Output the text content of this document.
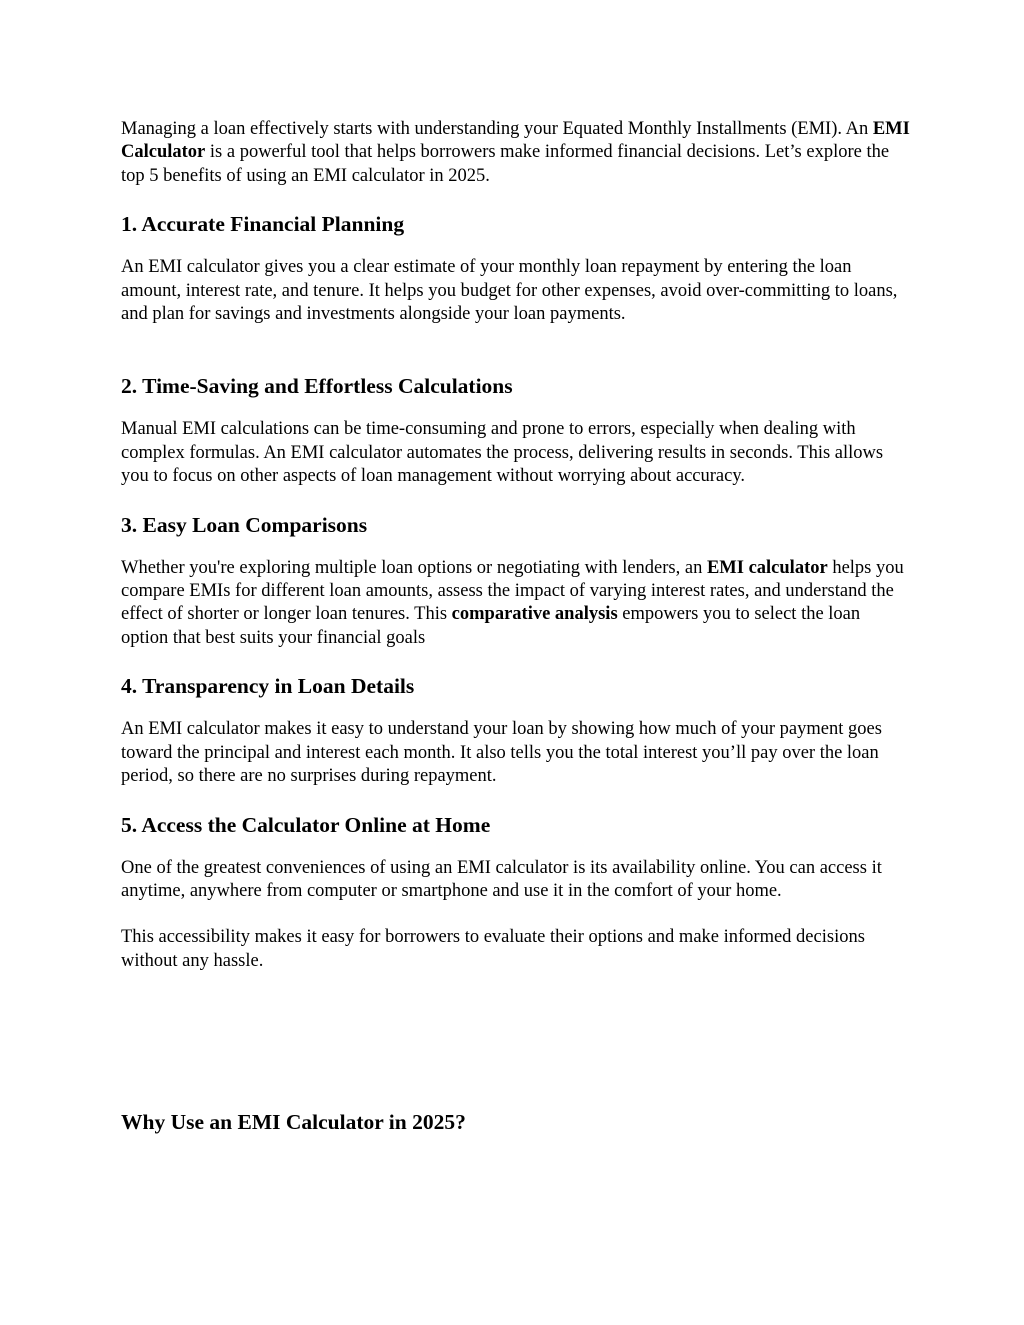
Managing a loan effectively starts with understanding your Equated Monthly Installments (EMI). An EMI Calculator is a powerful tool that helps borrowers make informed financial decisions. Let’s explore the top 5 benefits of using an EMI calculator in 2025.

1. Accurate Financial Planning

An EMI calculator gives you a clear estimate of your monthly loan repayment by entering the loan amount, interest rate, and tenure. It helps you budget for other expenses, avoid over-committing to loans, and plan for savings and investments alongside your loan payments.

2. Time-Saving and Effortless Calculations

Manual EMI calculations can be time-consuming and prone to errors, especially when dealing with complex formulas. An EMI calculator automates the process, delivering results in seconds. This allows you to focus on other aspects of loan management without worrying about accuracy.

3. Easy Loan Comparisons

Whether you're exploring multiple loan options or negotiating with lenders, an EMI calculator helps you compare EMIs for different loan amounts, assess the impact of varying interest rates, and understand the effect of shorter or longer loan tenures. This comparative analysis empowers you to select the loan option that best suits your financial goals

4. Transparency in Loan Details

An EMI calculator makes it easy to understand your loan by showing how much of your payment goes toward the principal and interest each month. It also tells you the total interest you’ll pay over the loan period, so there are no surprises during repayment.

5. Access the Calculator Online at Home

One of the greatest conveniences of using an EMI calculator is its availability online. You can access it anytime, anywhere from computer or smartphone and use it in the comfort of your home.

This accessibility makes it easy for borrowers to evaluate their options and make informed decisions without any hassle.

Why Use an EMI Calculator in 2025?
